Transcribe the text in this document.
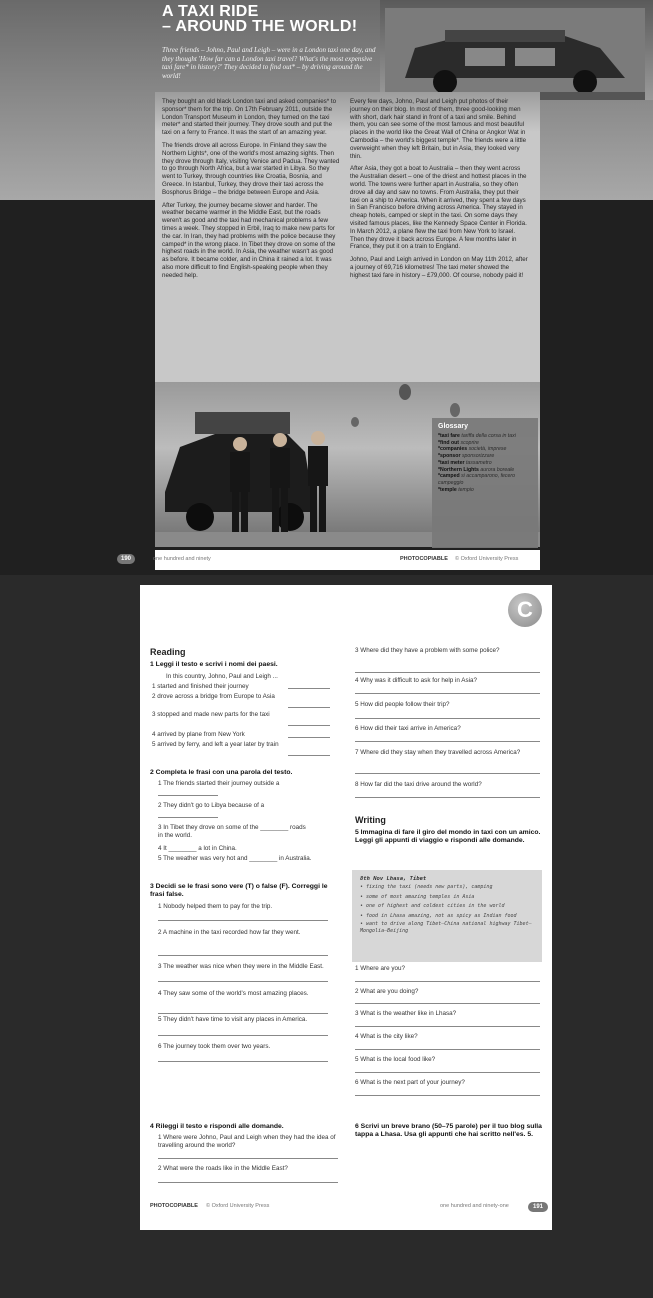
A TAXI RIDE
– AROUND THE WORLD!
Three friends – Johno, Paul and Leigh – were in a London taxi one day, and they thought 'How far can a London taxi travel? What's the most expensive taxi fare* in history?' They decided to find out* – by driving around the world!

They bought an old black London taxi and asked companies* to sponsor* them for the trip. On 17th February 2011, outside the London Transport Museum in London, they turned on the taxi meter* and started their journey. They drove south and put the taxi on a ferry to France. It was the start of an amazing year.

The friends drove all across Europe. In Finland they saw the Northern Lights*, one of the world's most amazing sights. Then they drove through Italy, visiting Venice and Padua. They wanted to go through North Africa, but a war started in Libya. So they went to Turkey, through countries like Croatia, Bosnia, and Greece. In Istanbul, Turkey, they drove their taxi across the Bosphorus Bridge – the bridge between Europe and Asia.

After Turkey, the journey became slower and harder. The weather became warmer in the Middle East, but the roads weren't as good and the taxi had mechanical problems a few times a week. They stopped in Erbil, Iraq to make new parts for the car. In Iran, they had problems with the police because they camped* in the wrong place. In Tibet they drove on some of the highest roads in the world. In Asia, the weather wasn't as good as before. It became colder, and in China it rained a lot. It was also more difficult to find English-speaking people when they needed help.

Every few days, Johno, Paul and Leigh put photos of their journey on their blog. In most of them, three good-looking men with short, dark hair stand in front of a taxi and smile. Behind them, you can see some of the most famous and most beautiful places in the world like the Great Wall of China or Angkor Wat in Cambodia – the world's biggest temple*. The friends were a little overweight when they left Britain, but in Asia, they looked very thin.

After Asia, they got a boat to Australia – then they went across the Australian desert – one of the driest and hottest places in the world. The towns were further apart in Australia, so they often drove all day and saw no towns. From Australia, they put their taxi on a ship to America. When it arrived, they spent a few days in San Francisco before driving across America. They stayed in cheap hotels, camped or slept in the taxi. On some days they visited famous places, like the Kennedy Space Center in Florida. In March 2012, a plane flew the taxi from New York to Israel. Then they drove it back across Europe. A few months later in France, they put it on a train to England.

Johno, Paul and Leigh arrived in London on May 11th 2012, after a journey of 69,716 kilometres! The taxi meter showed the highest taxi fare in history – £79,000. Of course, nobody paid it!

Glossary
*taxi fare tariffa della corsa in taxi
*find out scoprire
*companies società, imprese
*sponsor sponsorizzare
*taxi meter tassametro
*Northern Lights aurora boreale
*camped si accamparono, fecero campeggio
*temple tempio
190	one hundred and ninety	PHOTOCOPIABLE © Oxford University Press
C
Reading
1 Leggi il testo e scrivi i nomi dei paesi.
In this country, Johno, Paul and Leigh ...
1 started and finished their journey
2 drove across a bridge from Europe to Asia
3 stopped and made new parts for the taxi
4 arrived by plane from New York
5 arrived by ferry, and left a year later by train
2 Completa le frasi con una parola del testo.
1 The friends started their journey outside a
2 They didn't go to Libya because of a
3 In Tibet they drove on some of the ________ roads in the world.
4 It ________ a lot in China.
5 The weather was very hot and ________ in Australia.
3 Decidi se le frasi sono vere (T) o false (F). Correggi le frasi false.
1 Nobody helped them to pay for the trip.
2 A machine in the taxi recorded how far they went.
3 The weather was nice when they were in the Middle East.
4 They saw some of the world's most amazing places.
5 They didn't have time to visit any places in America.
6 The journey took them over two years.
4 Rileggi il testo e rispondi alle domande.
1 Where were Johno, Paul and Leigh when they had the idea of travelling around the world?
2 What were the roads like in the Middle East?
3 Where did they have a problem with some police?
4 Why was it difficult to ask for help in Asia?
5 How did people follow their trip?
6 How did their taxi arrive in America?
7 Where did they stay when they travelled across America?
8 How far did the taxi drive around the world?
Writing
5 Immagina di fare il giro del mondo in taxi con un amico. Leggi gli appunti di viaggio e rispondi alle domande.
8th Nov Lhasa, Tibet
• fixing the taxi (needs new parts), camping
• some of most amazing temples in Asia
• one of highest and coldest cities in the world
• food in Lhasa amazing, not as spicy as Indian food
• want to drive along Tibet–China national highway Tibet–Mongolia–Beijing
1 Where are you?
2 What are you doing?
3 What is the weather like in Lhasa?
4 What is the city like?
5 What is the local food like?
6 What is the next part of your journey?
6 Scrivi un breve brano (50–75 parole) per il tuo blog sulla tappa a Lhasa. Usa gli appunti che hai scritto nell'es. 5.
PHOTOCOPIABLE © Oxford University Press	one hundred and ninety-one	191
